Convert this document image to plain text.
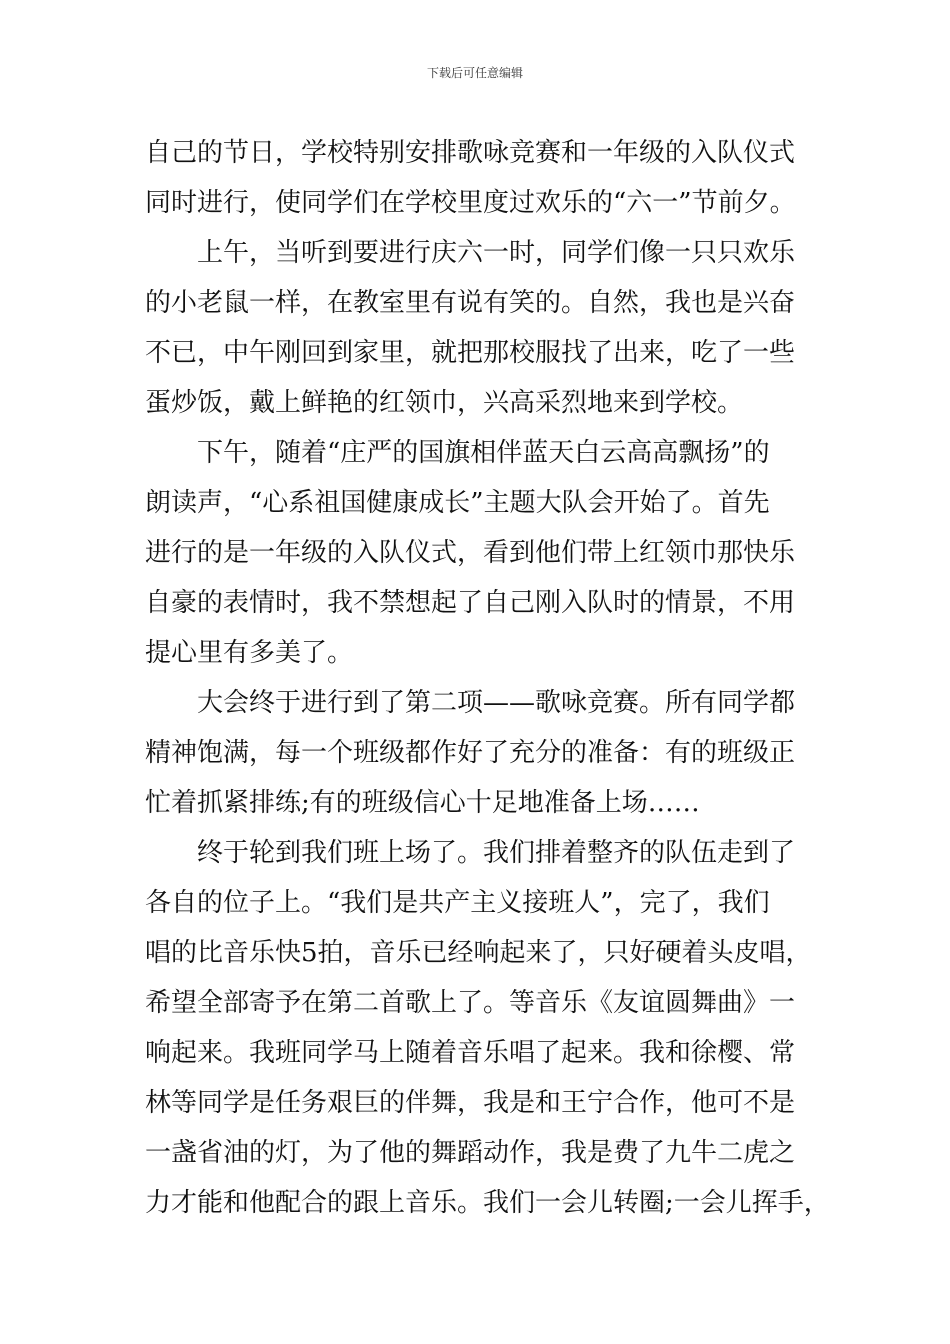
下载后可任意编辑
自己的节日，学校特别安排歌咏竞赛和一年级的入队仪式
同时进行，使同学们在学校里度过欢乐的“六一”节前夕。
上午，当听到要进行庆六一时，同学们像一只只欢乐
的小老鼠一样，在教室里有说有笑的。自然，我也是兴奋
不已，中午刚回到家里，就把那校服找了出来，吃了一些
蛋炒饭，戴上鲜艳的红领巾，兴高采烈地来到学校。
下午，随着“庄严的国旗相伴蓝天白云高高飘扬”的
朗读声，“心系祖国健康成长”主题大队会开始了。首先
进行的是一年级的入队仪式，看到他们带上红领巾那快乐
自豪的表情时，我不禁想起了自己刚入队时的情景，不用
提心里有多美了。
大会终于进行到了第二项——歌咏竞赛。所有同学都
精神饱满，每一个班级都作好了充分的准备：有的班级正
忙着抓紧排练;有的班级信心十足地准备上场……
终于轮到我们班上场了。我们排着整齐的队伍走到了
各自的位子上。“我们是共产主义接班人”，完了，我们
唱的比音乐快5拍，音乐已经响起来了，只好硬着头皮唱，
希望全部寄予在第二首歌上了。等音乐《友谊圆舞曲》一
响起来。我班同学马上随着音乐唱了起来。我和徐樱、常
林等同学是任务艰巨的伴舞，我是和王宁合作，他可不是
一盏省油的灯，为了他的舞蹈动作，我是费了九牛二虎之
力才能和他配合的跟上音乐。我们一会儿转圈;一会儿挥手，
